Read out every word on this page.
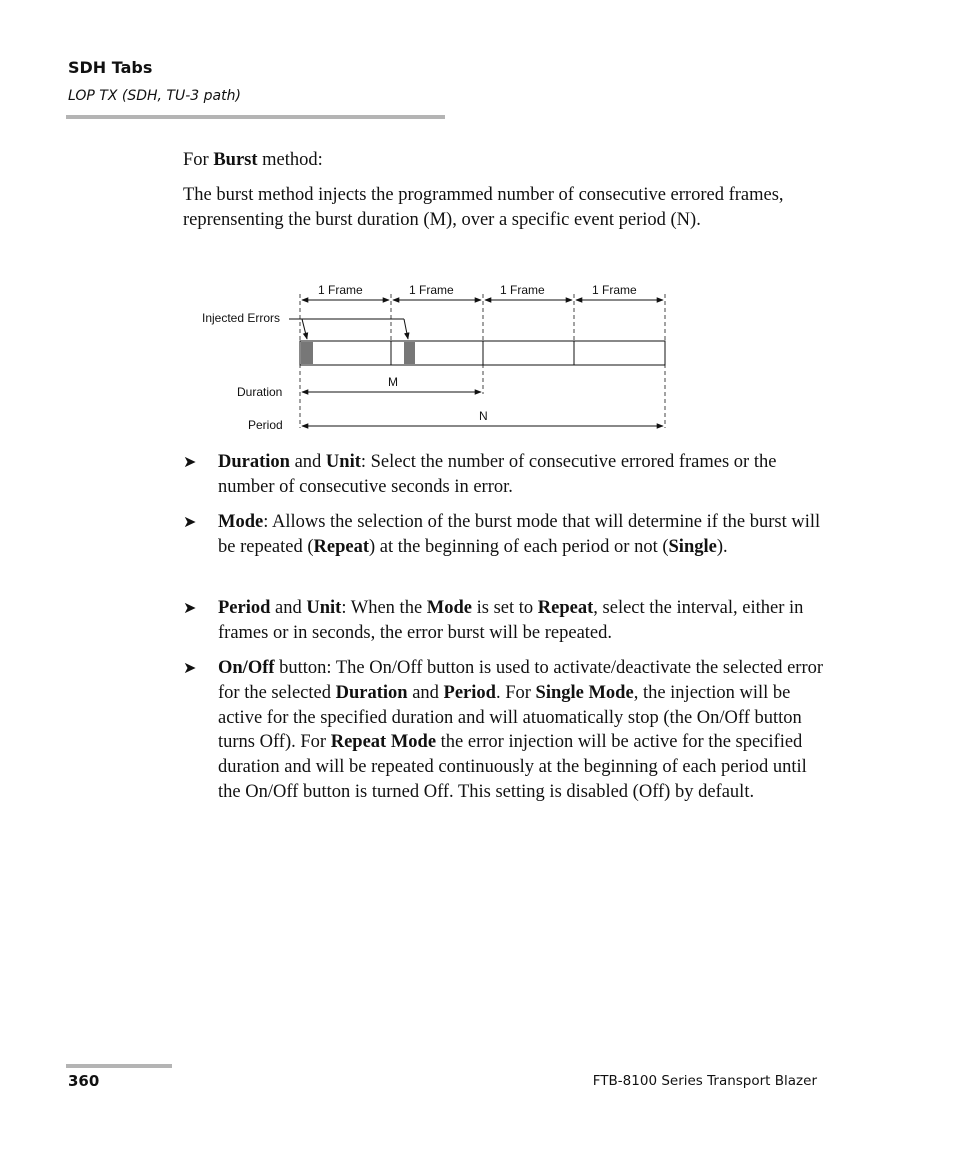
SDH Tabs
LOP TX (SDH, TU-3 path)

For Burst method:

The burst method injects the programmed number of consecutive errored frames, reprensenting the burst duration (M), over a specific event period (N).

1 Frame	1 Frame	1 Frame	1 Frame
Injected Errors
Duration
M
Period
N
➤ Duration and Unit: Select the number of consecutive errored frames or the number of consecutive seconds in error.
➤ Mode: Allows the selection of the burst mode that will determine if the burst will be repeated (Repeat) at the beginning of each period or not (Single).
➤ Period and Unit: When the Mode is set to Repeat, select the interval, either in frames or in seconds, the error burst will be repeated.
➤ On/Off button: The On/Off button is used to activate/deactivate the selected error for the selected Duration and Period. For Single Mode, the injection will be active for the specified duration and will atuomatically stop (the On/Off button turns Off). For Repeat Mode the error injection will be active for the specified duration and will be repeated continuously at the beginning of each period until the On/Off button is turned Off. This setting is disabled (Off) by default.
360	FTB-8100 Series Transport Blazer
